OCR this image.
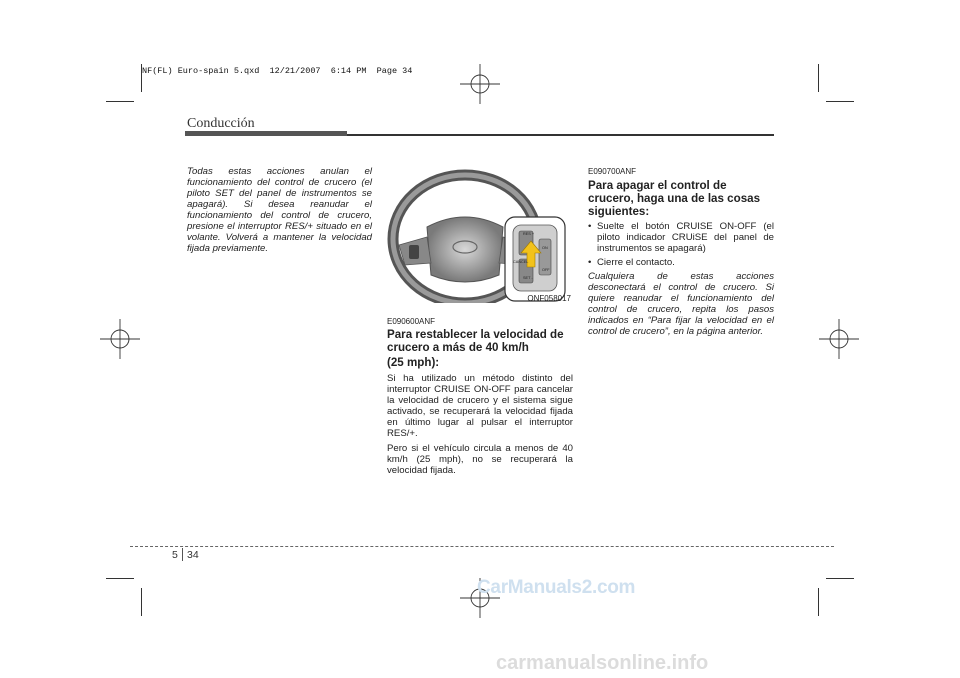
NF(FL) Euro-spain 5.qxd  12/21/2007  6:14 PM  Page 34
Conducción

Todas estas acciones anulan el funcionamiento del control de crucero (el piloto SET del panel de instrumentos se apagará). Si desea reanudar el funcionamiento del control de crucero, presione el interruptor RES/+ situado en el volante. Volverá a mantener la velocidad fijada previamente.

RES +
SET -
CANCEL
ON
OFF
ONF058017
E090600ANF
Para restablecer la velocidad de crucero a más de 40 km/h
(25 mph):

Si ha utilizado un método distinto del interruptor CRUISE ON-OFF para cancelar la velocidad de crucero y el sistema sigue activado, se recuperará la velocidad fijada en último lugar al pulsar el interruptor RES/+.

Pero si el vehículo circula a menos de 40 km/h (25 mph), no se recuperará la velocidad fijada.

E090700ANF
Para apagar el control de crucero, haga una de las cosas siguientes:
• Suelte el botón CRUISE ON-OFF (el piloto indicador CRUiSE del panel de instrumentos se apagará)
• Cierre el contacto.

Cualquiera de estas acciones desconectará el control de crucero. Si quiere reanudar el funcionamiento del control de crucero, repita los pasos indicados en “Para fijar la velocidad en el control de crucero”, en la página anterior.

5 34
CarManuals2.com
carmanualsonline.info
